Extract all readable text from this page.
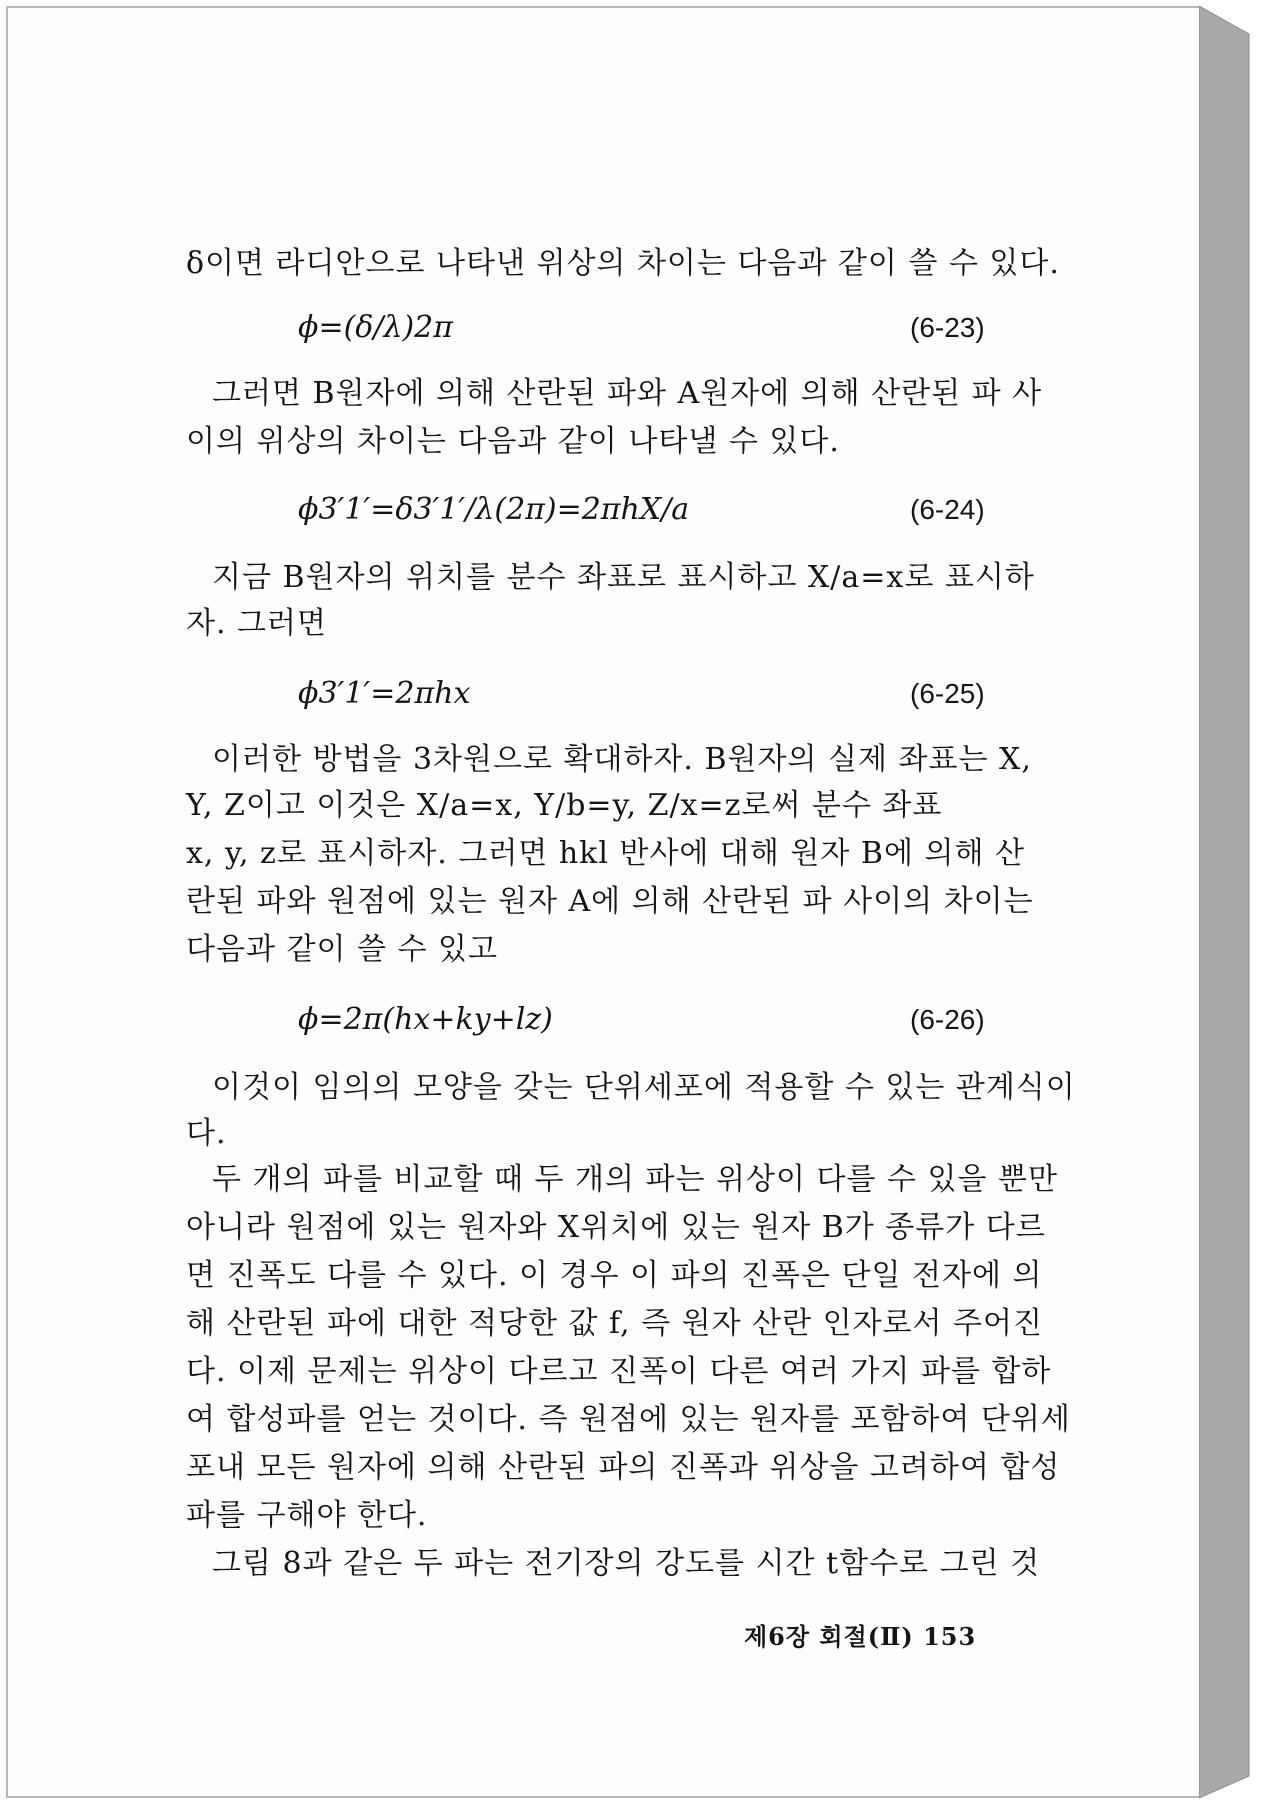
δ이면 라디안으로 나타낸 위상의 차이는 다음과 같이 쓸 수 있다.
ϕ=(δ/λ)2π	(6-23)
그러면 B원자에 의해 산란된 파와 A원자에 의해 산란된 파 사
이의 위상의 차이는 다음과 같이 나타낼 수 있다.
ϕ3′1′=δ3′1′/λ(2π)=2πhX/a	(6-24)
지금 B원자의 위치를 분수 좌표로 표시하고 X/a=x로 표시하
자. 그러면
ϕ3′1′=2πhx	(6-25)
이러한 방법을 3차원으로 확대하자. B원자의 실제 좌표는 X,
Y, Z이고 이것은 X/a=x, Y/b=y, Z/x=z로써 분수 좌표
x, y, z로 표시하자. 그러면 hkl 반사에 대해 원자 B에 의해 산
란된 파와 원점에 있는 원자 A에 의해 산란된 파 사이의 차이는
다음과 같이 쓸 수 있고
ϕ=2π(hx+ky+lz)	(6-26)
이것이 임의의 모양을 갖는 단위세포에 적용할 수 있는 관계식이
다.
두 개의 파를 비교할 때 두 개의 파는 위상이 다를 수 있을 뿐만
아니라 원점에 있는 원자와 X위치에 있는 원자 B가 종류가 다르
면 진폭도 다를 수 있다. 이 경우 이 파의 진폭은 단일 전자에 의
해 산란된 파에 대한 적당한 값 f, 즉 원자 산란 인자로서 주어진
다. 이제 문제는 위상이 다르고 진폭이 다른 여러 가지 파를 합하
여 합성파를 얻는 것이다. 즉 원점에 있는 원자를 포함하여 단위세
포내 모든 원자에 의해 산란된 파의 진폭과 위상을 고려하여 합성
파를 구해야 한다.
그림 8과 같은 두 파는 전기장의 강도를 시간 t함수로 그린 것
제6장 회절(Ⅱ) 153
